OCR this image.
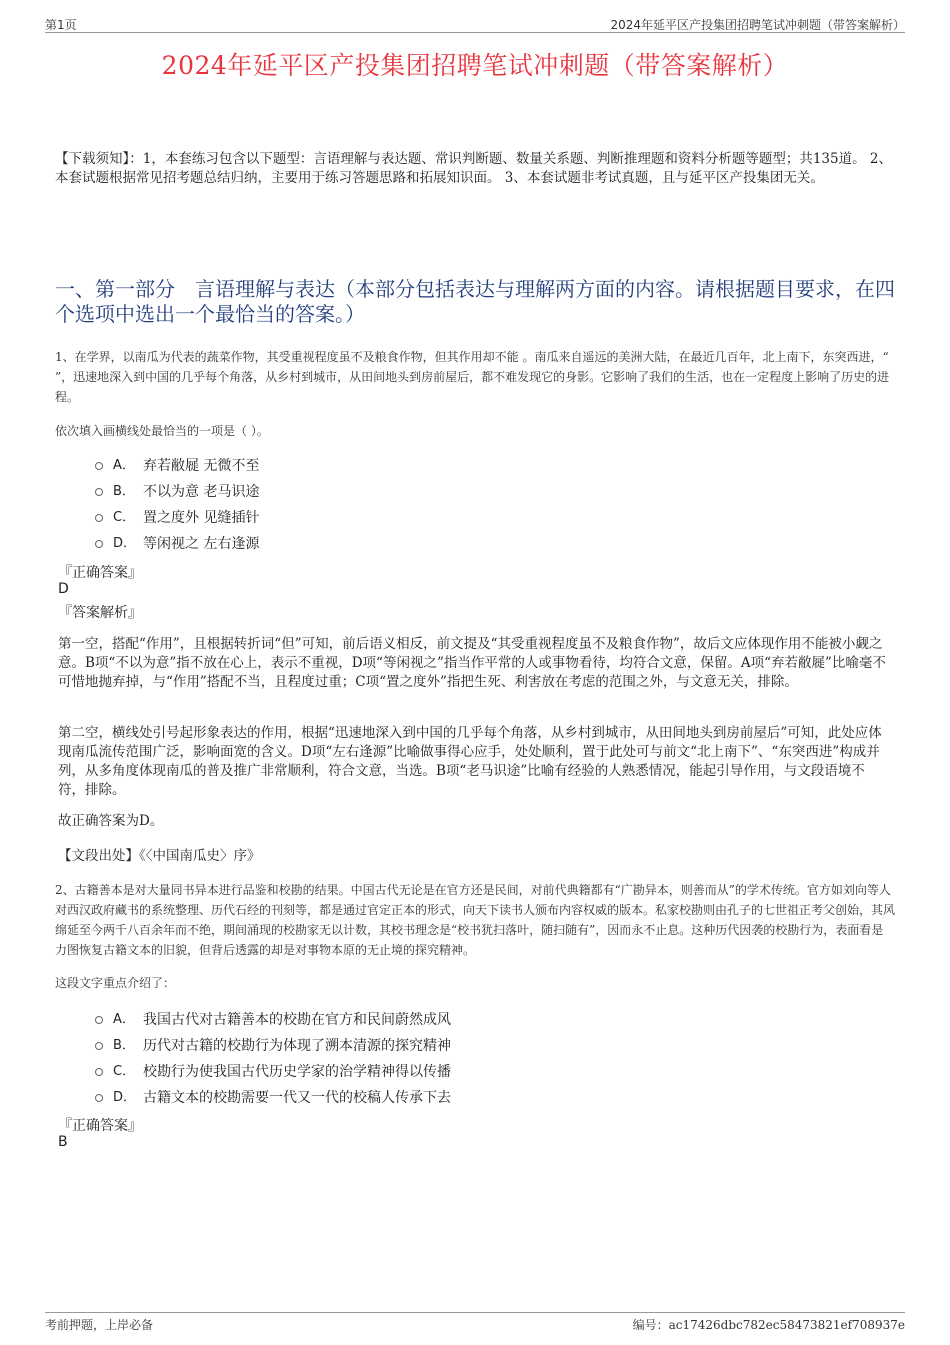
第1页	2024年延平区产投集团招聘笔试冲刺题（带答案解析）
2024年延平区产投集团招聘笔试冲刺题（带答案解析）
【下载须知】：1，本套练习包含以下题型：言语理解与表达题、常识判断题、数量关系题、判断推理题和资料分析题等题型；共135道。 2、本套试题根据常见招考题总结归纳，主要用于练习答题思路和拓展知识面。 3、本套试题非考试真题，且与延平区产投集团无关。
一、第一部分　言语理解与表达（本部分包括表达与理解两方面的内容。请根据题目要求，在四个选项中选出一个最恰当的答案。）
1、在学界，以南瓜为代表的蔬菜作物，其受重视程度虽不及粮食作物，但其作用却不能 。南瓜来自遥远的美洲大陆，在最近几百年，北上南下，东突西进，“ ”，迅速地深入到中国的几乎每个角落，从乡村到城市，从田间地头到房前屋后，都不难发现它的身影。它影响了我们的生活，也在一定程度上影响了历史的进程。
依次填入画横线处最恰当的一项是（ ）。
A． 弃若敝屣 无微不至
B． 不以为意 老马识途
C． 置之度外 见缝插针
D． 等闲视之 左右逢源
『正确答案』
D
『答案解析』
第一空，搭配“作用”，且根据转折词“但”可知，前后语义相反，前文提及“其受重视程度虽不及粮食作物”，故后文应体现作用不能被小觑之意。B项“不以为意”指不放在心上，表示不重视，D项“等闲视之”指当作平常的人或事物看待，均符合文意，保留。A项“弃若敝屣”比喻毫不可惜地抛弃掉，与“作用”搭配不当，且程度过重；C项“置之度外”指把生死、利害放在考虑的范围之外，与文意无关，排除。
第二空，横线处引号起形象表达的作用，根据“迅速地深入到中国的几乎每个角落，从乡村到城市，从田间地头到房前屋后”可知，此处应体现南瓜流传范围广泛，影响面宽的含义。D项“左右逢源”比喻做事得心应手，处处顺利，置于此处可与前文“北上南下”、“东突西进”构成并列，从多角度体现南瓜的普及推广非常顺利，符合文意，当选。B项“老马识途”比喻有经验的人熟悉情况，能起引导作用，与文段语境不符，排除。
故正确答案为D。
【文段出处】《〈中国南瓜史〉序》
2、古籍善本是对大量同书异本进行品鉴和校勘的结果。中国古代无论是在官方还是民间，对前代典籍都有“广勘异本，则善而从”的学术传统。官方如刘向等人对西汉政府藏书的系统整理、历代石经的刊刻等，都是通过官定正本的形式，向天下读书人颁布内容权威的版本。私家校勘则由孔子的七世祖正考父创始，其风绵延至今两千八百余年而不绝，期间涌现的校勘家无以计数，其校书理念是“校书犹扫落叶，随扫随有”，因而永不止息。这种历代因袭的校勘行为，表面看是力图恢复古籍文本的旧貌，但背后透露的却是对事物本原的无止境的探究精神。
这段文字重点介绍了：
A． 我国古代对古籍善本的校勘在官方和民间蔚然成风
B． 历代对古籍的校勘行为体现了溯本清源的探究精神
C． 校勘行为使我国古代历史学家的治学精神得以传播
D． 古籍文本的校勘需要一代又一代的校稿人传承下去
『正确答案』
B
考前押题，上岸必备	编号：ac17426dbc782ec58473821ef708937e
